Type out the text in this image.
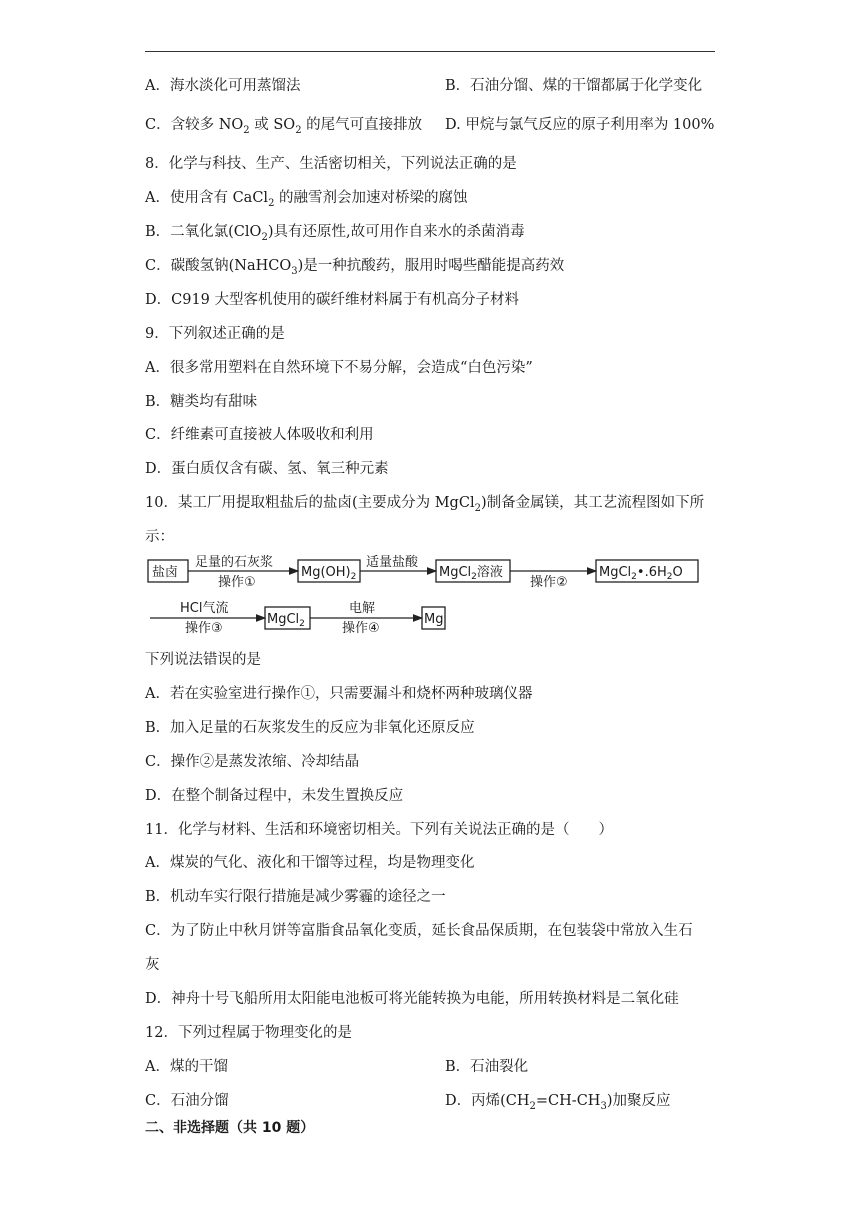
A．海水淡化可用蒸馏法	B．石油分馏、煤的干馏都属于化学变化
C．含较多 $NO_2$ 或 $SO_2$ 的尾气可直接排放 D. 甲烷与氯气反应的原子利用率为 100%
8．化学与科技、生产、生活密切相关，下列说法正确的是
A．使用含有 CaCl$_2$ 的融雪剂会加速对桥梁的腐蚀
B．二氧化氯(ClO$_2$)具有还原性,故可用作自来水的杀菌消毒
C．碳酸氢钠(NaHCO$_3$)是一种抗酸药，服用时喝些醋能提高药效
D．C919 大型客机使用的碳纤维材料属于有机高分子材料
9．下列叙述正确的是
A．很多常用塑料在自然环境下不易分解，会造成“白色污染”
B．糖类均有甜味
C．纤维素可直接被人体吸收和利用
D．蛋白质仅含有碳、氢、氧三种元素
10．某工厂用提取粗盐后的盐卤(主要成分为 MgCl$_2$)制备金属镁，其工艺流程图如下所
示：
盐卤
足量的石灰浆
操作①
$Mg(OH)_2$
适量盐酸
MgCl$_2$溶液
操作②
$MgCl_2•.6H_2O$
HCl气流
操作③
MgCl$_2$
电解
操作④
Mg
下列说法错误的是
A．若在实验室进行操作①，只需要漏斗和烧杯两种玻璃仪器
B．加入足量的石灰浆发生的反应为非氧化还原反应
C．操作②是蒸发浓缩、冷却结晶
D．在整个制备过程中，未发生置换反应
11．化学与材料、生活和环境密切相关。下列有关说法正确的是（　　）
A．煤炭的气化、液化和干馏等过程，均是物理变化
B．机动车实行限行措施是减少雾霾的途径之一
C．为了防止中秋月饼等富脂食品氧化变质，延长食品保质期，在包装袋中常放入生石
灰
D．神舟十号飞船所用太阳能电池板可将光能转换为电能，所用转换材料是二氧化硅
12．下列过程属于物理变化的是
A．煤的干馏	B．石油裂化
C．石油分馏	D．丙烯$(CH_2=CH-CH_3)$加聚反应
二、非选择题（共 10 题）
